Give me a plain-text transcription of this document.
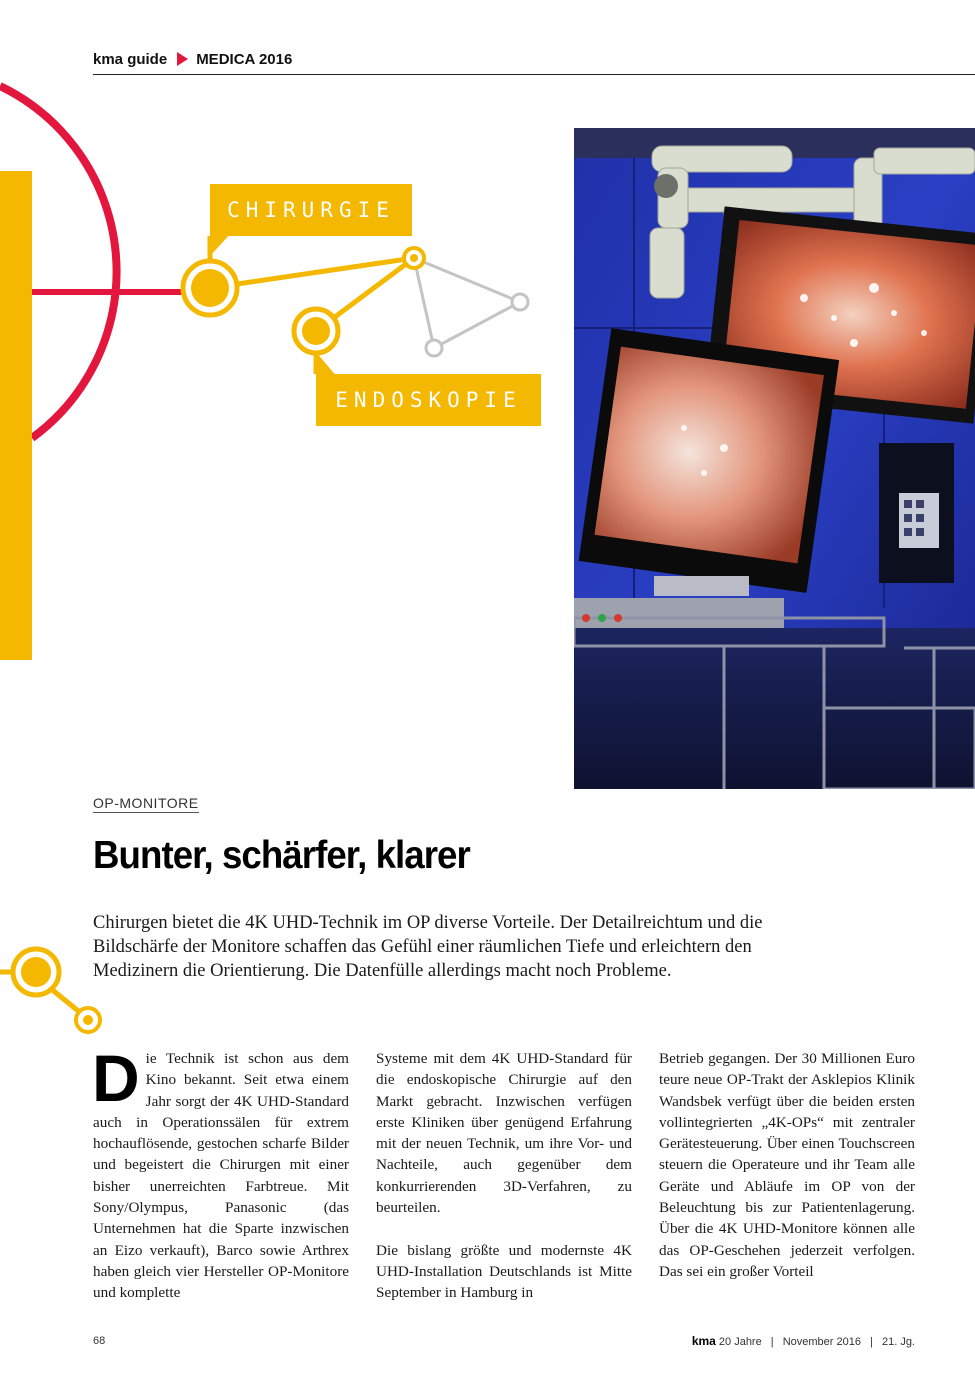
kma guide MEDICA 2016
CHIRURGIE
ENDOSKOPIE
OP-MONITORE
Bunter, schärfer, klarer

Chirurgen bietet die 4K UHD-Technik im OP diverse Vorteile. Der Detailreichtum und die Bildschärfe der Monitore schaffen das Gefühl einer räumlichen Tiefe und erleichtern den Medizinern die Orientierung. Die Datenfülle allerdings macht noch Probleme.

D ie Technik ist schon aus dem Kino bekannt. Seit etwa einem Jahr sorgt der 4K UHD-Standard auch in Operationssälen für extrem hochauflösende, gestochen scharfe Bilder und begeistert die Chirurgen mit einer bisher unerreichten Farbtreue. Mit Sony/Olympus, Panasonic (das Unternehmen hat die Sparte inzwischen an Eizo verkauft), Barco sowie Arthrex haben gleich vier Hersteller OP-Monitore und komplette

Systeme mit dem 4K UHD-Standard für die endoskopische Chirurgie auf den Markt gebracht. Inzwischen verfügen erste Kliniken über genügend Erfahrung mit der neuen Technik, um ihre Vor- und Nachteile, auch gegenüber dem konkurrierenden 3D-Verfahren, zu beurteilen.

Die bislang größte und modernste 4K UHD-Installation Deutschlands ist Mitte September in Hamburg in

Betrieb gegangen. Der 30 Millionen Euro teure neue OP-Trakt der Asklepios Klinik Wandsbek verfügt über die beiden ersten vollintegrierten „4K-OPs“ mit zentraler Gerätesteuerung. Über einen Touchscreen steuern die Operateure und ihr Team alle Geräte und Abläufe im OP von der Beleuchtung bis zur Patientenlagerung. Über die 4K UHD-Monitore können alle das OP-Geschehen jederzeit verfolgen. Das sei ein großer Vorteil

68	kma 20 Jahre | November 2016 | 21. Jg.
